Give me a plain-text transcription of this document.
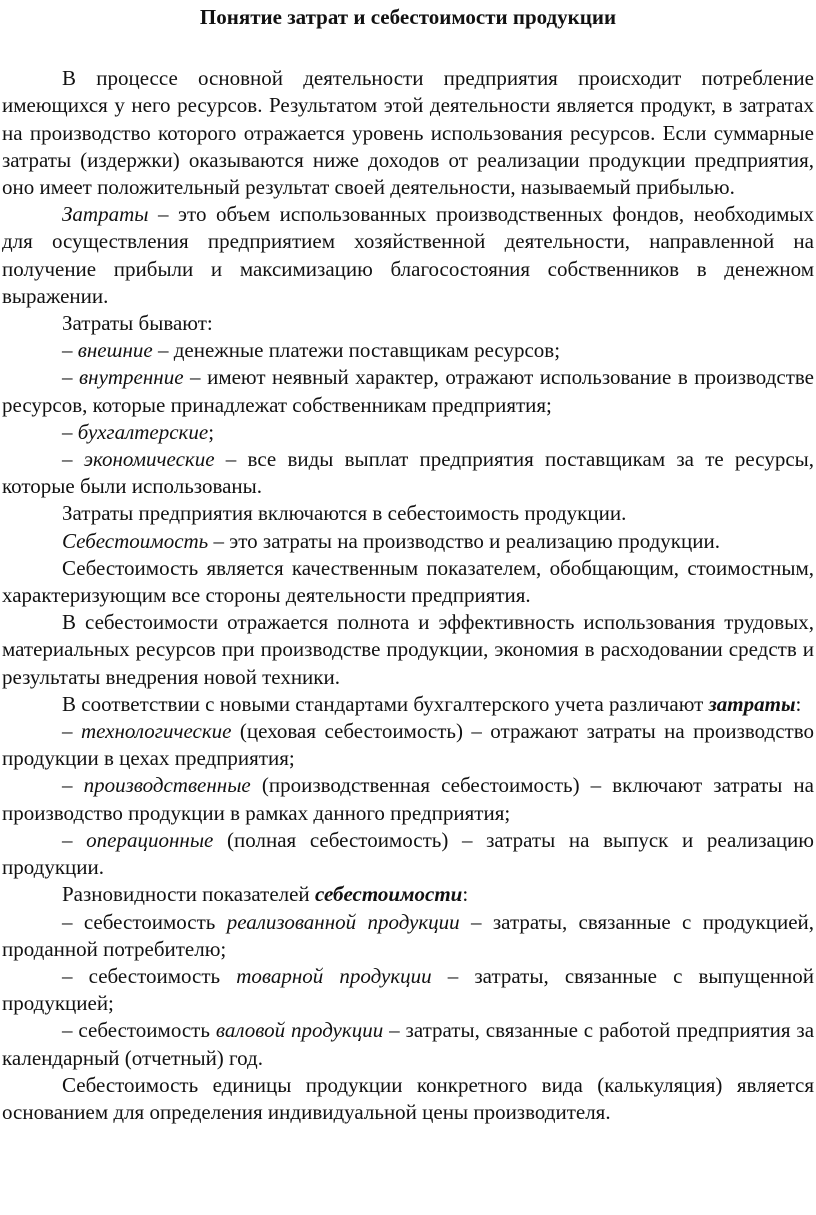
Понятие затрат и себестоимости продукции

В процессе основной деятельности предприятия происходит потребление имеющихся у него ресурсов. Результатом этой деятельности является продукт, в затратах на производство которого отражается уровень использования ресурсов. Если суммарные затраты (издержки) оказываются ниже доходов от реализации продукции предприятия, оно имеет положительный результат своей деятельности, называемый прибылью.

Затраты – это объем использованных производственных фондов, необходимых для осуществления предприятием хозяйственной деятельности, направленной на получение прибыли и максимизацию благосостояния собственников в денежном выражении.

Затраты бывают:

– внешние – денежные платежи поставщикам ресурсов;

– внутренние – имеют неявный характер, отражают использование в производстве ресурсов, которые принадлежат собственникам предприятия;

– бухгалтерские;

– экономические – все виды выплат предприятия поставщикам за те ресурсы, которые были использованы.

Затраты предприятия включаются в себестоимость продукции.

Себестоимость – это затраты на производство и реализацию продукции.

Себестоимость является качественным показателем, обобщающим, стоимостным, характеризующим все стороны деятельности предприятия.

В себестоимости отражается полнота и эффективность использования трудовых, материальных ресурсов при производстве продукции, экономия в расходовании средств и результаты внедрения новой техники.

В соответствии с новыми стандартами бухгалтерского учета различают затраты:

– технологические (цеховая себестоимость) – отражают затраты на производство продукции в цехах предприятия;

– производственные (производственная себестоимость) – включают затраты на производство продукции в рамках данного предприятия;

– операционные (полная себестоимость) – затраты на выпуск и реализацию продукции.

Разновидности показателей себестоимости:

– себестоимость реализованной продукции – затраты, связанные с продукцией, проданной потребителю;

– себестоимость товарной продукции – затраты, связанные с выпущенной продукцией;

– себестоимость валовой продукции – затраты, связанные с работой предприятия за календарный (отчетный) год.

Себестоимость единицы продукции конкретного вида (калькуляция) является основанием для определения индивидуальной цены производителя.
